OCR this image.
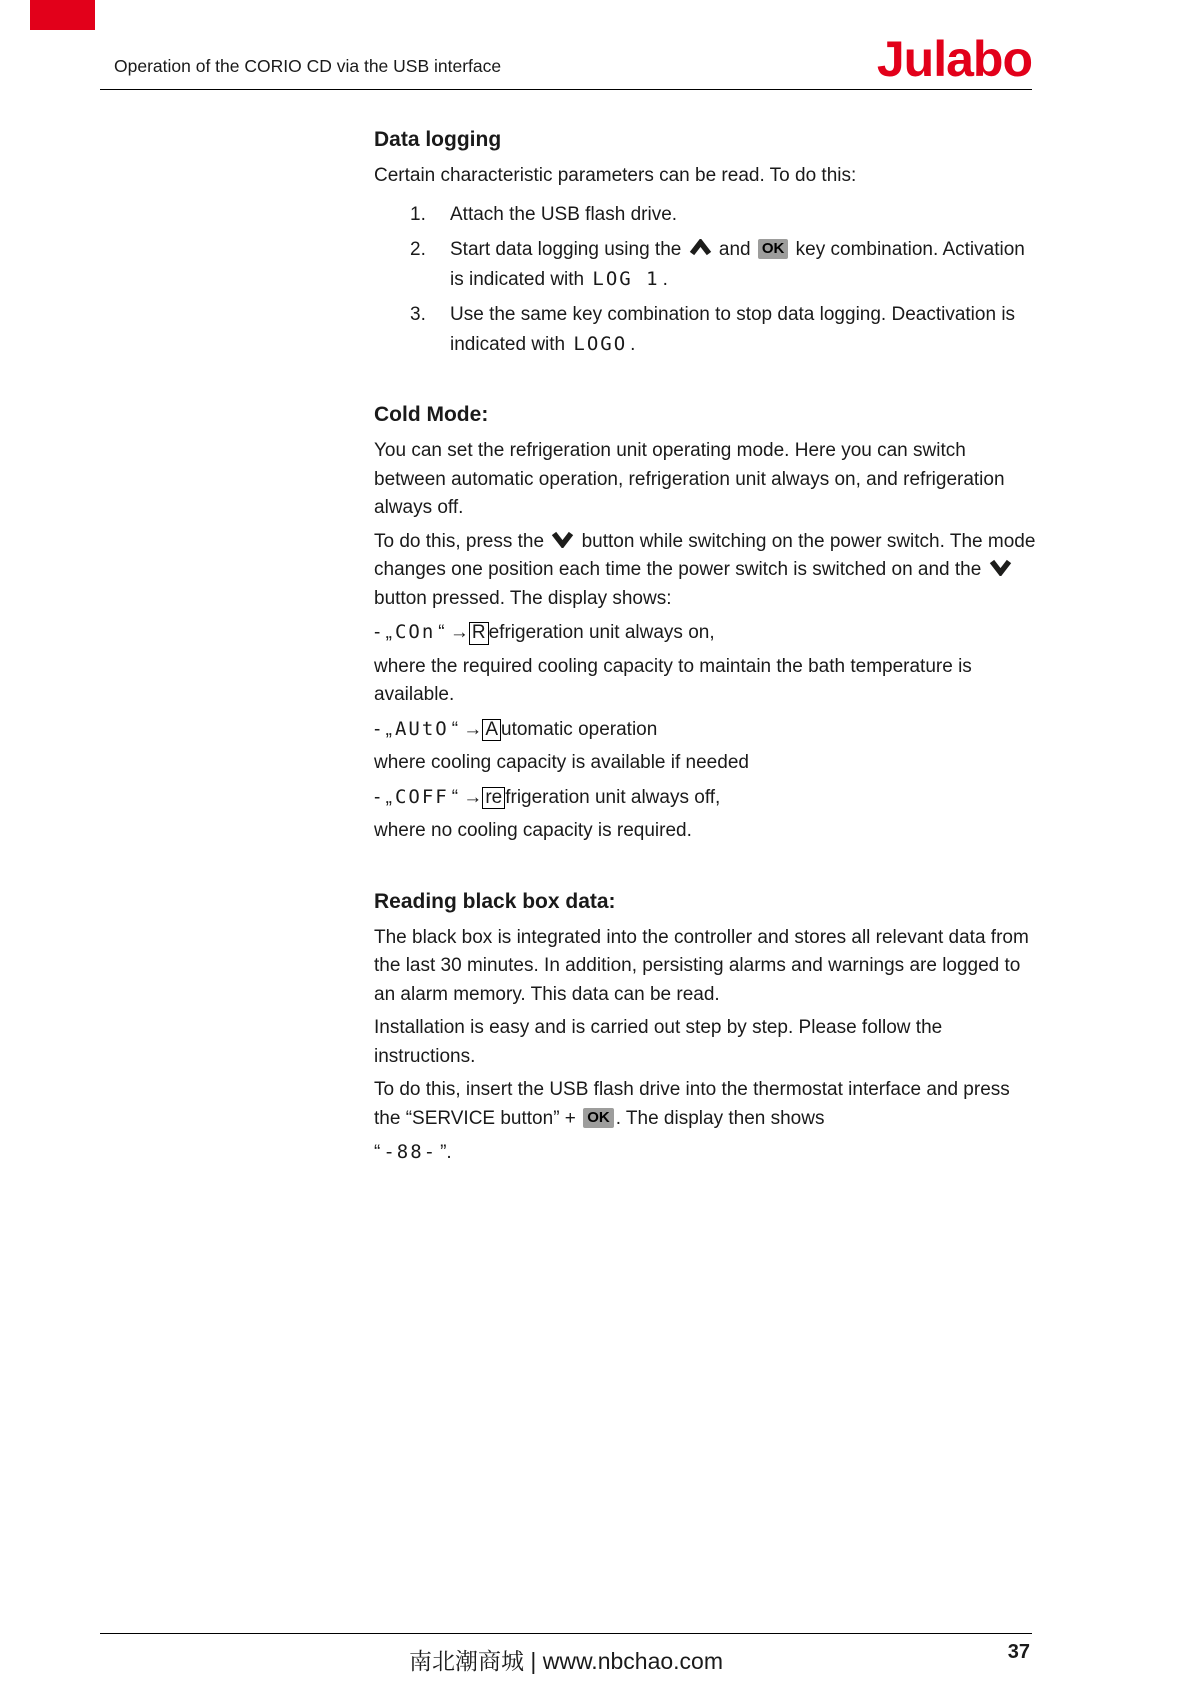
Operation of the CORIO CD via the USB interface	Julabo
Data logging

Certain characteristic parameters can be read. To do this:

1.	Attach the USB flash drive.
2.	Start data logging using the
and OK key combination. Activation is indicated with LOG 1 .
3.	Use the same key combination to stop data logging. Deactivation is indicated with LOGO .
Cold Mode:

You can set the refrigeration unit operating mode. Here you can switch between automatic operation, refrigeration unit always on, and refrigeration always off.

To do this, press the
button while switching on the power switch. The mode changes one position each time the power switch is switched on and the
button pressed. The display shows:

- „ COn “ → R efrigeration unit always on,

where the required cooling capacity to maintain the bath temperature is available.

- „ AUtO “ → A utomatic operation

where cooling capacity is available if needed

- „ COFF “ → re frigeration unit always off,

where no cooling capacity is required.

Reading black box data:

The black box is integrated into the controller and stores all relevant data from the last 30 minutes. In addition, persisting alarms and warnings are logged to an alarm memory. This data can be read.

Installation is easy and is carried out step by step. Please follow the instructions.

To do this, insert the USB flash drive into the thermostat interface and press the “SERVICE button” + OK . The display then shows

“ -88- ”.

南北潮商城 | www.nbchao.com	37
